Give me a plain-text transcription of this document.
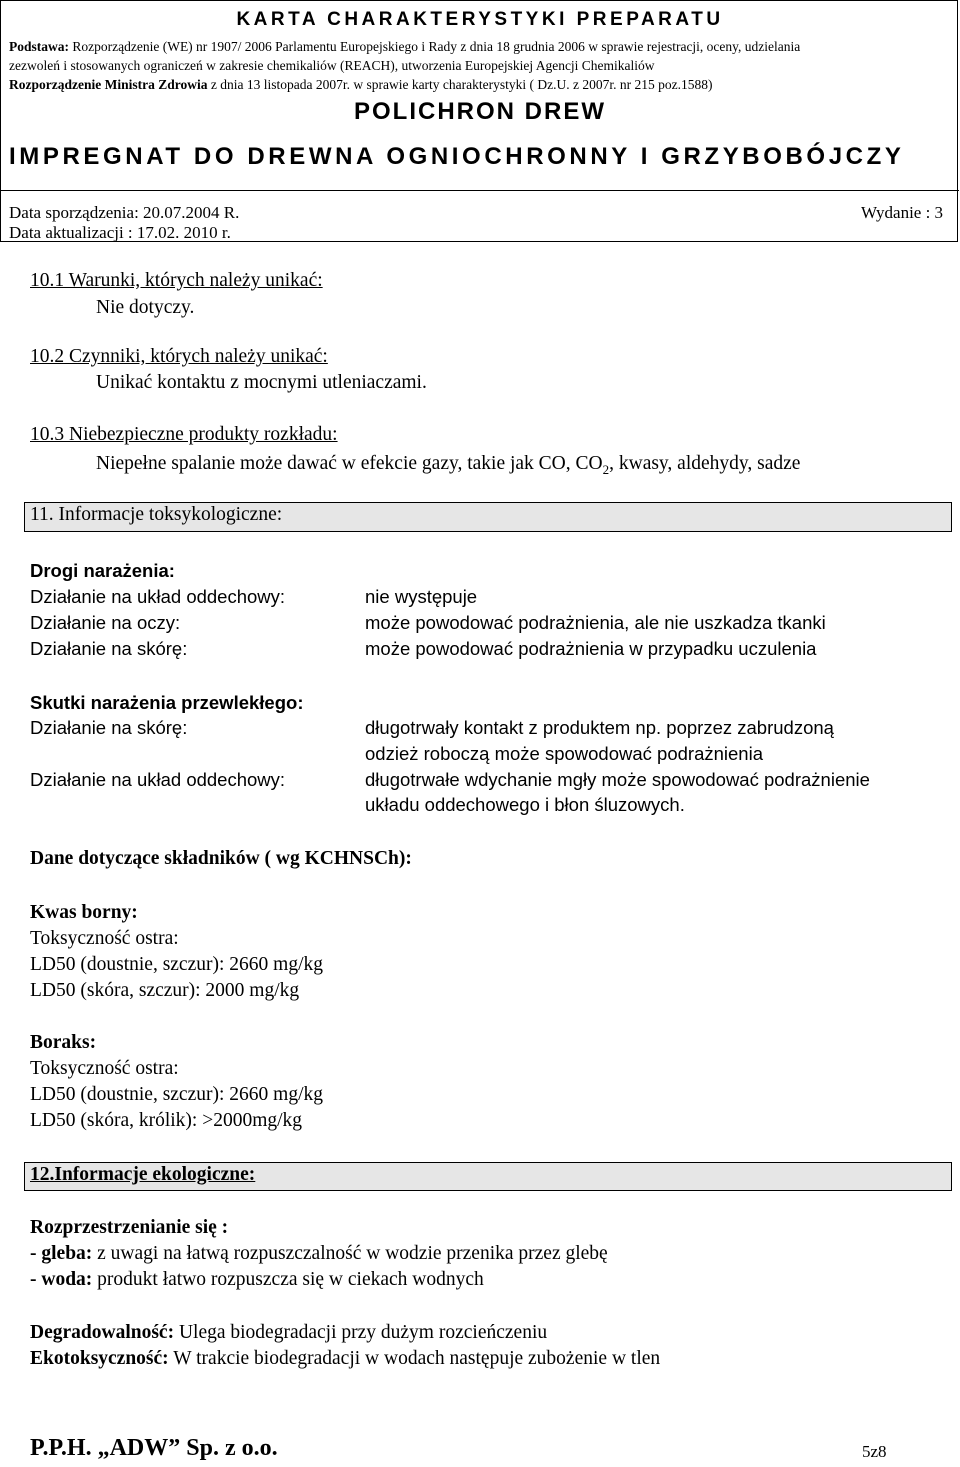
KARTA CHARAKTERYSTYKI PREPARATU
Podstawa: Rozporządzenie (WE) nr 1907/ 2006 Parlamentu Europejskiego i Rady z dnia 18 grudnia 2006 w sprawie rejestracji, oceny, udzielania
zezwoleń i stosowanych ograniczeń w zakresie chemikaliów (REACH), utworzenia Europejskiej Agencji Chemikaliów
Rozporządzenie Ministra Zdrowia z dnia 13 listopada 2007r. w sprawie karty charakterystyki ( Dz.U. z 2007r. nr 215 poz.1588)
POLICHRON DREW
IMPREGNAT DO DREWNA OGNIOCHRONNY I GRZYBOBÓJCZY
Data sporządzenia: 20.07.2004 R.
Data aktualizacji : 17.02. 2010 r.
Wydanie : 3
10.1 Warunki, których należy unikać:
Nie dotyczy.
10.2 Czynniki, których należy unikać:
Unikać kontaktu z mocnymi utleniaczami.
10.3 Niebezpieczne produkty rozkładu:
Niepełne spalanie może dawać w efekcie gazy, takie jak CO, $CO_2$, kwasy, aldehydy, sadze
11. Informacje toksykologiczne:
Drogi narażenia:
Działanie na układ oddechowy:	nie występuje
Działanie na oczy:	może powodować podrażnienia, ale nie uszkadza tkanki
Działanie na skórę:	może powodować podrażnienia w przypadku uczulenia
Skutki narażenia przewlekłego:
Działanie na skórę:	długotrwały kontakt z produktem np. poprzez zabrudzoną
odzież roboczą może spowodować podrażnienia
Działanie na układ oddechowy:	długotrwałe wdychanie mgły może spowodować podrażnienie
układu oddechowego i błon śluzowych.
Dane dotyczące składników ( wg KCHNSCh):
Kwas borny:
Toksyczność ostra:
LD50 (doustnie, szczur): 2660 mg/kg
LD50 (skóra, szczur): 2000 mg/kg
Boraks:
Toksyczność ostra:
LD50 (doustnie, szczur): 2660 mg/kg
LD50 (skóra, królik): >2000mg/kg
12.Informacje ekologiczne:
Rozprzestrzenianie się :
- gleba: z uwagi na łatwą rozpuszczalność w wodzie przenika przez glebę
- woda: produkt łatwo rozpuszcza się w ciekach wodnych
Degradowalność: Ulega biodegradacji przy dużym rozcieńczeniu
Ekotoksyczność: W trakcie biodegradacji w wodach następuje zubożenie w tlen
P.P.H. „ADW” Sp. z o.o.	5z8
